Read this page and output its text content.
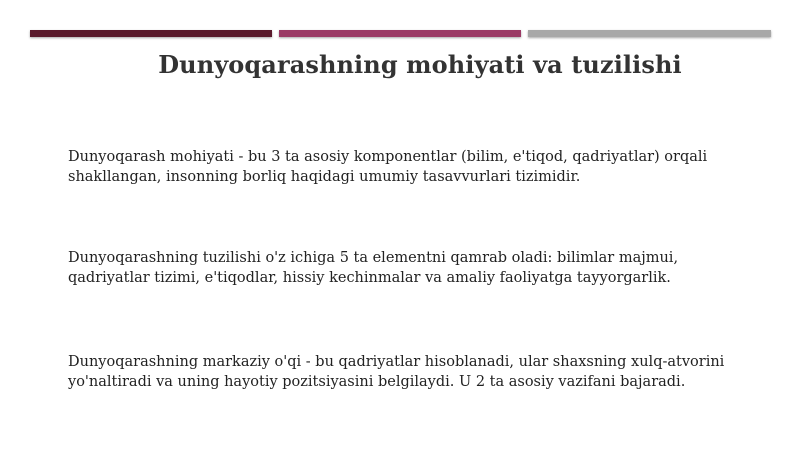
Dunyoqarashning mohiyati va tuzilishi

Dunyoqarash mohiyati - bu 3 ta asosiy komponentlar (bilim, e'tiqod, qadriyatlar) orqali shakllangan, insonning borliq haqidagi umumiy tasavvurlari tizimidir.

Dunyoqarashning tuzilishi o'z ichiga 5 ta elementni qamrab oladi: bilimlar majmui, qadriyatlar tizimi, e'tiqodlar, hissiy kechinmalar va amaliy faoliyatga tayyorgarlik.

Dunyoqarashning markaziy o'qi - bu qadriyatlar hisoblanadi, ular shaxsning xulq-atvorini yo'naltiradi va uning hayotiy pozitsiyasini belgilaydi. U 2 ta asosiy vazifani bajaradi.
